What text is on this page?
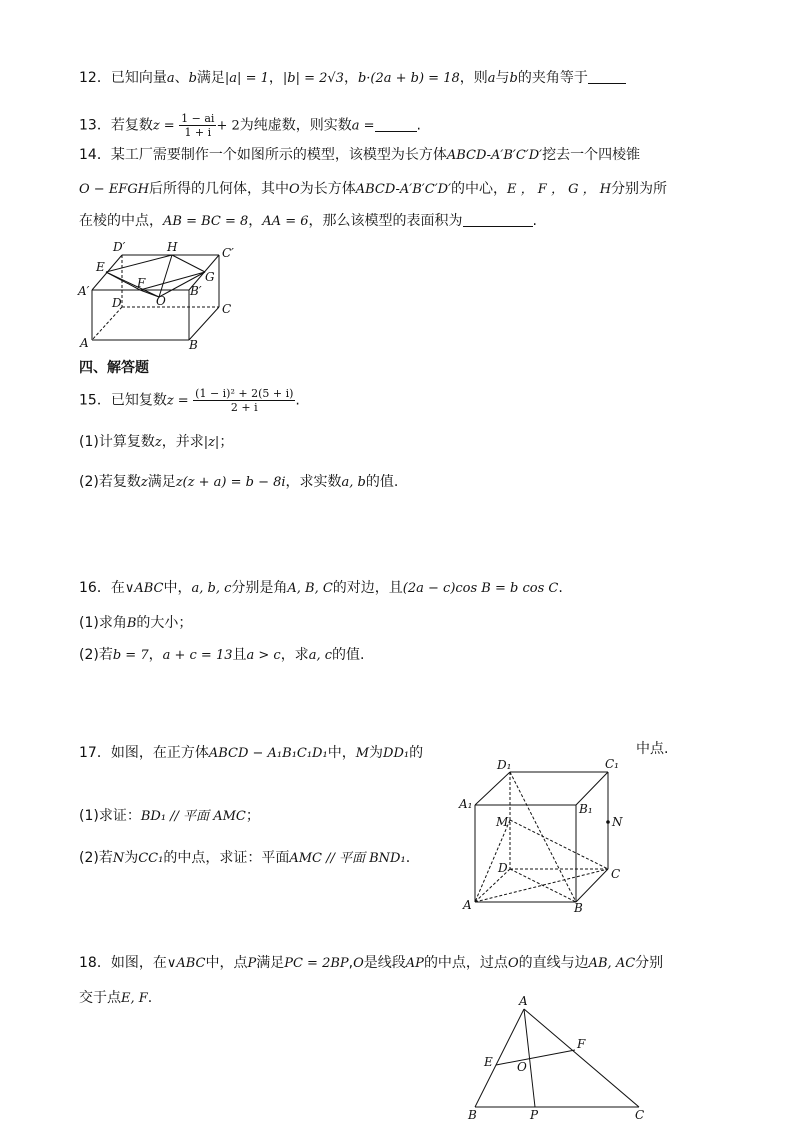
12．已知向量a、b满足|a| = 1，|b| = 2√3，b·(2a + b) = 18，则a与b的夹角等于
13．若复数$z = \frac{1 - ai}{1 + i} + 2$为纯虚数，则实数a =	.
14．某工厂需要制作一个如图所示的模型，该模型为长方体ABCD-A′B′C′D′挖去一个四棱锥
O − EFGH后所得的几何体，其中O为长方体ABCD-A′B′C′D′的中心，E ， F ， G ， H分别为所
在棱的中点，AB = BC = 8，AA = 6，那么该模型的表面积为	.
D′	H	C′
E
G
F
A′	B′
D	O
C
A	B
四、解答题
15．已知复数$z = \frac{\text{(1 − i)² + 2(5 + i)}}{2 + i}$ .
(1)计算复数z，并求|z|；
(2)若复数z满足z(z + a) = b − 8i，求实数a, b的值.
16．在∨ABC中，a, b, c分别是角A, B, C的对边，且(2a − c)cos B = b cos C.
(1)求角B的大小；
(2)若b = 7，a + c = 13且a > c，求a, c的值.
17．如图，在正方体ABCD − A₁B₁C₁D₁中，M为DD₁的	中点.
(1)求证：BD₁ // 平面 AMC；
(2)若N为CC₁的中点，求证：平面AMC // 平面 BND₁.
D₁	C₁
A₁	B₁
M	N
D	C
A	B
18．如图，在∨ABC中，点P满足PC = 2BP,O是线段AP的中点，过点O的直线与边AB, AC分别
交于点E, F.	A
E
F
O
B	P	C
